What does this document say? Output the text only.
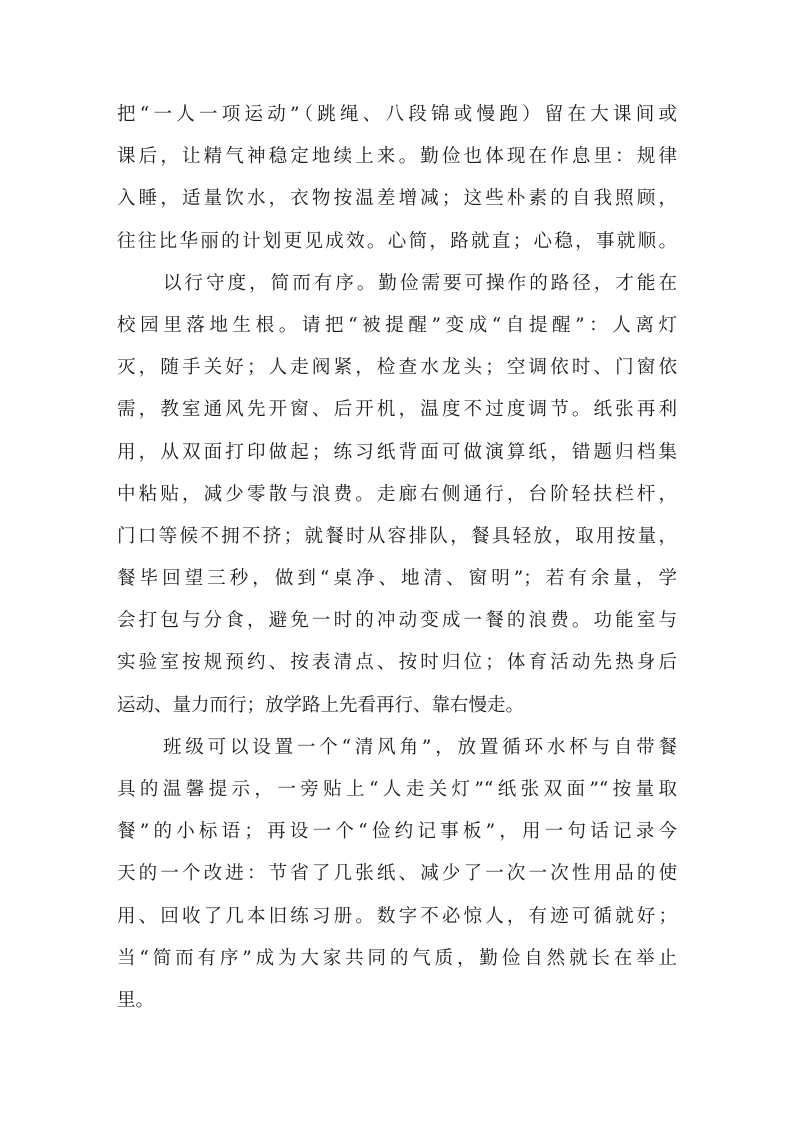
把“一人一项运动”（跳绳、八段锦或慢跑）留在大课间或
课后，让精气神稳定地续上来。勤俭也体现在作息里：规律
入睡，适量饮水，衣物按温差增减；这些朴素的自我照顾，
往往比华丽的计划更见成效。心简，路就直；心稳，事就顺。
以行守度，简而有序。勤俭需要可操作的路径，才能在
校园里落地生根。请把“被提醒”变成“自提醒”：人离灯
灭，随手关好；人走阀紧，检查水龙头；空调依时、门窗依
需，教室通风先开窗、后开机，温度不过度调节。纸张再利
用，从双面打印做起；练习纸背面可做演算纸，错题归档集
中粘贴，减少零散与浪费。走廊右侧通行，台阶轻扶栏杆，
门口等候不拥不挤；就餐时从容排队，餐具轻放，取用按量，
餐毕回望三秒，做到“桌净、地清、窗明”；若有余量，学
会打包与分食，避免一时的冲动变成一餐的浪费。功能室与
实验室按规预约、按表清点、按时归位；体育活动先热身后
运动、量力而行；放学路上先看再行、靠右慢走。
班级可以设置一个“清风角”，放置循环水杯与自带餐
具的温馨提示，一旁贴上“人走关灯”“纸张双面”“按量取
餐”的小标语；再设一个“俭约记事板”，用一句话记录今
天的一个改进：节省了几张纸、减少了一次一次性用品的使
用、回收了几本旧练习册。数字不必惊人，有迹可循就好；
当“简而有序”成为大家共同的气质，勤俭自然就长在举止
里。
